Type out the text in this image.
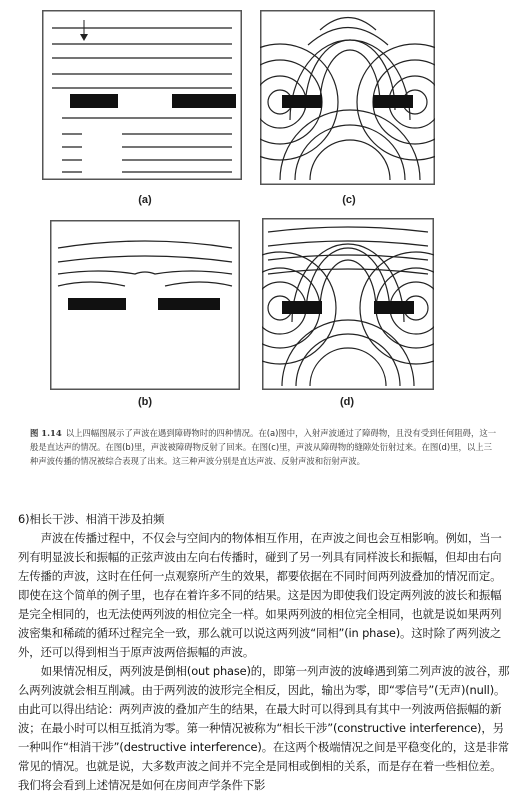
(a)	(c)
(b)	(d)
图 1.14 以上四幅图展示了声波在遇到障碍物时的四种情况。在(a)图中，入射声波通过了障碍物，且没有受到任何阻碍，这一般是直达声的情况。在图(b)里，声波被障碍物反射了回来。在图(c)里，声波从障碍物的缝隙处衍射过来。在图(d)里，以上三种声波传播的情况被综合表现了出来。这三种声波分别是直达声波、反射声波和衍射声波。

6)相长干涉、相消干涉及拍频

声波在传播过程中，不仅会与空间内的物体相互作用，在声波之间也会互相影响。例如，当一列有明显波长和振幅的正弦声波由左向右传播时，碰到了另一列具有同样波长和振幅，但却由右向左传播的声波，这时在任何一点观察所产生的效果，都要依据在不同时间两列波叠加的情况而定。即使在这个简单的例子里，也存在着许多不同的结果。这是因为即使我们设定两列波的波长和振幅是完全相同的，也无法使两列波的相位完全一样。如果两列波的相位完全相同，也就是说如果两列波密集和稀疏的循环过程完全一致，那么就可以说这两列波“同相”(in phase)。这时除了两列波之外，还可以得到相当于原声波两倍振幅的声波。

如果情况相反，两列波是倒相(out phase)的，即第一列声波的波峰遇到第二列声波的波谷，那么两列波就会相互削减。由于两列波的波形完全相反，因此，输出为零，即“零信号”(无声)(null)。由此可以得出结论：两列声波的叠加产生的结果，在最大时可以得到具有其中一列波两倍振幅的新波；在最小时可以相互抵消为零。第一种情况被称为“相长干涉”(constructive interference)，另一种叫作“相消干涉”(destructive interference)。在这两个极端情况之间是平稳变化的，这是非常常见的情况。也就是说，大多数声波之间并不完全是同相或倒相的关系，而是存在着一些相位差。我们将会看到上述情况是如何在房间声学条件下影
